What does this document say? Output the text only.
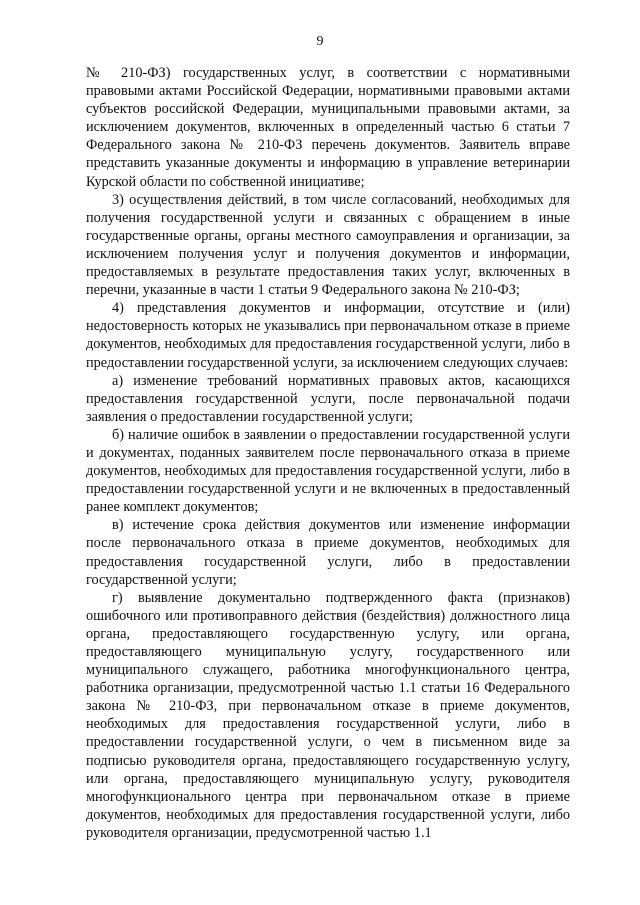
9

№ 210-ФЗ) государственных услуг, в соответствии с нормативными правовыми актами Российской Федерации, нормативными правовыми актами субъектов российской Федерации, муниципальными правовыми актами, за исключением документов, включенных в определенный частью 6 статьи 7 Федерального закона № 210-ФЗ перечень документов. Заявитель вправе представить указанные документы и информацию в управление ветеринарии Курской области по собственной инициативе;

3) осуществления действий, в том числе согласований, необходимых для получения государственной услуги и связанных с обращением в иные государственные органы, органы местного самоуправления и организации, за исключением получения услуг и получения документов и информации, предоставляемых в результате предоставления таких услуг, включенных в перечни, указанные в части 1 статьи 9 Федерального закона № 210-ФЗ;

4) представления документов и информации, отсутствие и (или) недостоверность которых не указывались при первоначальном отказе в приеме документов, необходимых для предоставления государственной услуги, либо в предоставлении государственной услуги, за исключением следующих случаев:

а) изменение требований нормативных правовых актов, касающихся предоставления государственной услуги, после первоначальной подачи заявления о предоставлении государственной услуги;

б) наличие ошибок в заявлении о предоставлении государственной услуги и документах, поданных заявителем после первоначального отказа в приеме документов, необходимых для предоставления государственной услуги, либо в предоставлении государственной услуги и не включенных в предоставленный ранее комплект документов;

в) истечение срока действия документов или изменение информации после первоначального отказа в приеме документов, необходимых для предоставления государственной услуги, либо в предоставлении государственной услуги;

г) выявление документально подтвержденного факта (признаков) ошибочного или противоправного действия (бездействия) должностного лица органа, предоставляющего государственную услугу, или органа, предоставляющего муниципальную услугу, государственного или муниципального служащего, работника многофункционального центра, работника организации, предусмотренной частью 1.1 статьи 16 Федерального закона № 210-ФЗ, при первоначальном отказе в приеме документов, необходимых для предоставления государственной услуги, либо в предоставлении государственной услуги, о чем в письменном виде за подписью руководителя органа, предоставляющего государственную услугу, или органа, предоставляющего муниципальную услугу, руководителя многофункционального центра при первоначальном отказе в приеме документов, необходимых для предоставления государственной услуги, либо руководителя организации, предусмотренной частью 1.1
